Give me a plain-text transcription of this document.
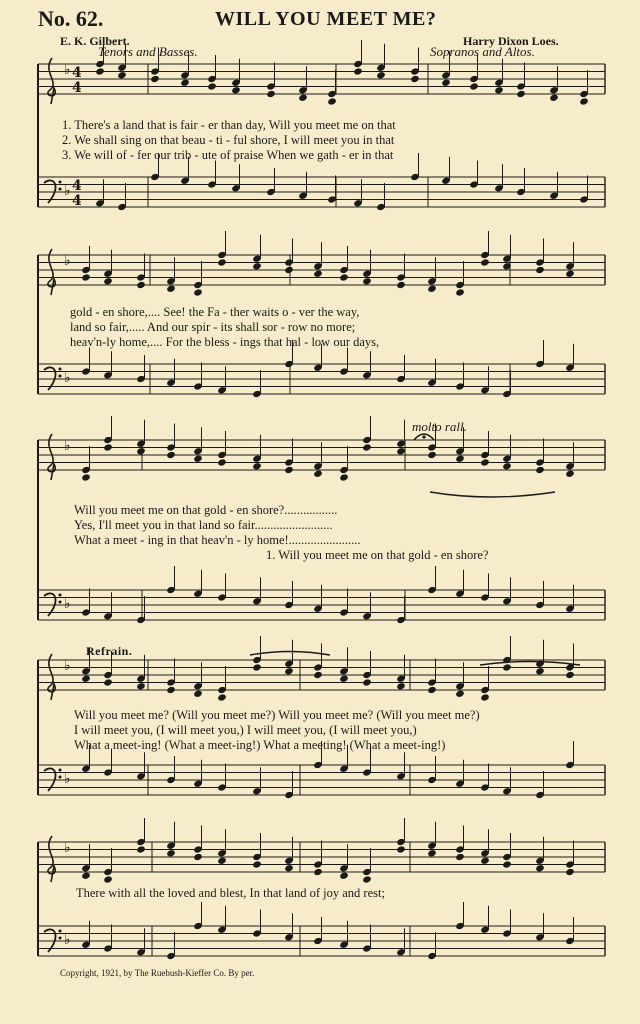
No. 62.	WILL YOU MEET ME?
E. K. Gilbert.	Harry Dixon Loes.
Tenors and Basses.	Sopranos and Altos.
1. There's a land that is fair - er than day, Will you meet me on that
2. We shall sing on that beau - ti - ful shore, I will meet you in that
3. We will of - fer our trib - ute of praise When we gath - er in that
gold - en shore,.... See! the Fa - ther waits o - ver the way,
land so fair,..... And our spir - its shall sor - row no more;
heav'n-ly home,.... For the bless - ings that hal - low our days,
molto rall.
Will you meet me on that gold - en shore?.................
Yes, I'll meet you in that land so fair.........................
What a meet - ing in that heav'n - ly home!.......................
1. Will you meet me on that gold - en shore?
Refrain.
Will you meet me? (Will you meet me?) Will you meet me? (Will you meet me?)
I will meet you, (I will meet you,) I will meet you, (I will meet you,)
What a meet-ing! (What a meet-ing!) What a meeting! (What a meet-ing!)
There with all the loved and blest, In that land of joy and rest;
Copyright, 1921, by The Ruebush-Kieffer Co. By per.
♭
♭
♭
♭
♭
♭
♭
♭
♭
♭
4
4
4
4
